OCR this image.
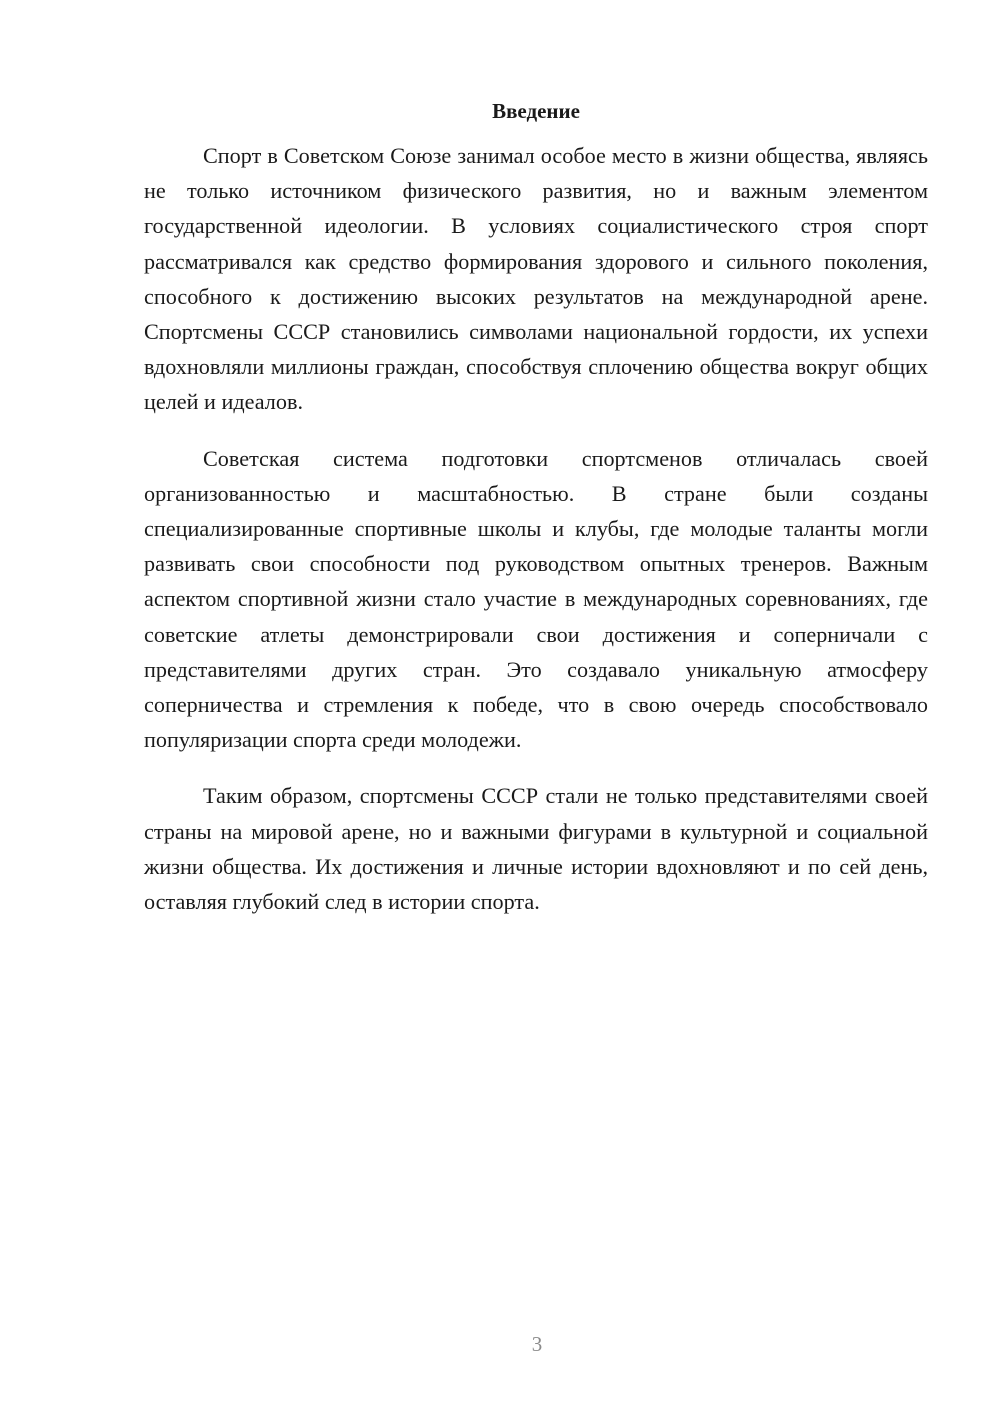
Введение

Спорт в Советском Союзе занимал особое место в жизни общества, являясь не только источником физического развития, но и важным элементом государственной идеологии. В условиях социалистического строя спорт рассматривался как средство формирования здорового и сильного поколения, способного к достижению высоких результатов на международной арене. Спортсмены СССР становились символами национальной гордости, их успехи вдохновляли миллионы граждан, способствуя сплочению общества вокруг общих целей и идеалов.

Советская система подготовки спортсменов отличалась своей организованностью и масштабностью. В стране были созданы специализированные спортивные школы и клубы, где молодые таланты могли развивать свои способности под руководством опытных тренеров. Важным аспектом спортивной жизни стало участие в международных соревнованиях, где советские атлеты демонстрировали свои достижения и соперничали с представителями других стран. Это создавало уникальную атмосферу соперничества и стремления к победе, что в свою очередь способствовало популяризации спорта среди молодежи.

Таким образом, спортсмены СССР стали не только представителями своей страны на мировой арене, но и важными фигурами в культурной и социальной жизни общества. Их достижения и личные истории вдохновляют и по сей день, оставляя глубокий след в истории спорта.

3
